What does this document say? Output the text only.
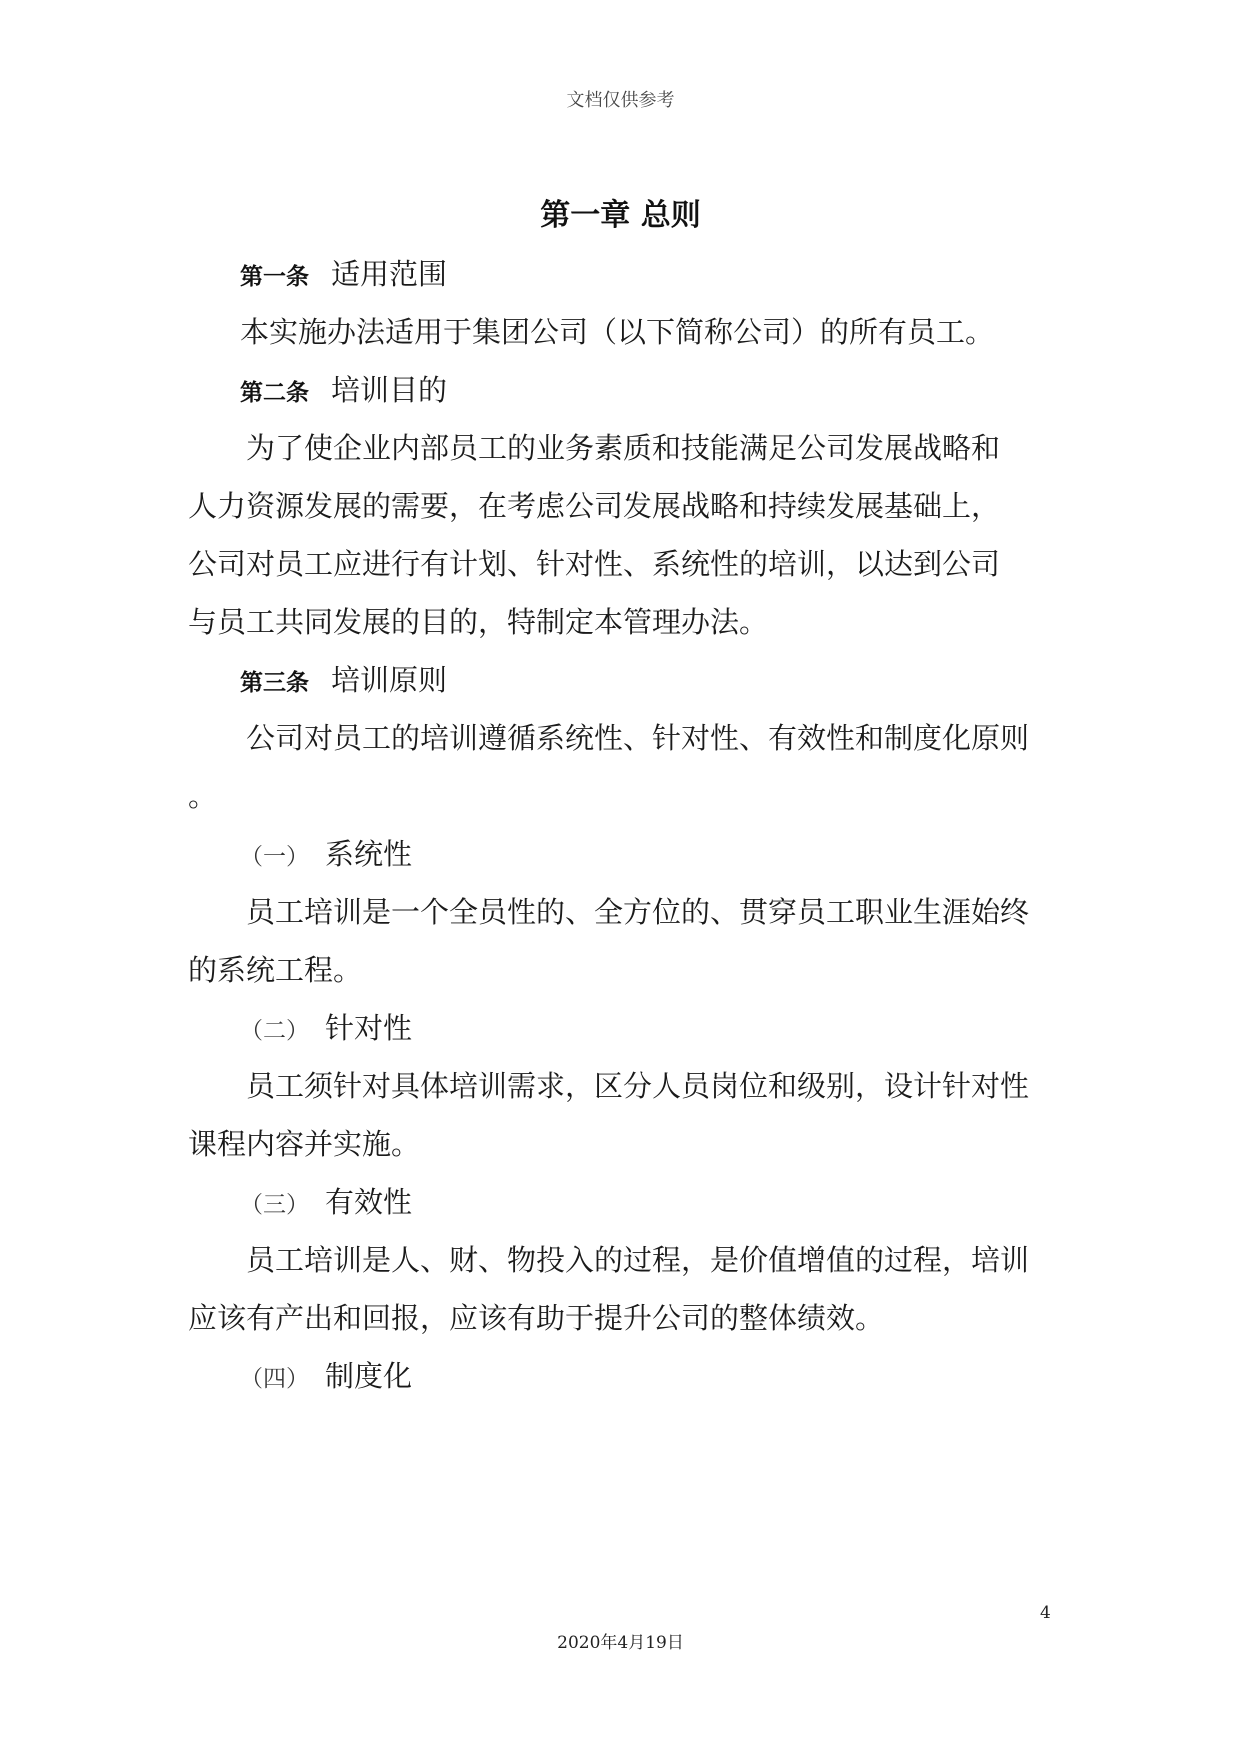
文档仅供参考
第一章 总则
第一条 适用范围
本实施办法适用于集团公司（以下简称公司）的所有员工。
第二条 培训目的
为了使企业内部员工的业务素质和技能满足公司发展战略和
人力资源发展的需要，在考虑公司发展战略和持续发展基础上，
公司对员工应进行有计划、针对性、系统性的培训，以达到公司
与员工共同发展的目的，特制定本管理办法。
第三条 培训原则
公司对员工的培训遵循系统性、针对性、有效性和制度化原则
。
（一） 系统性
员工培训是一个全员性的、全方位的、贯穿员工职业生涯始终
的系统工程。
（二） 针对性
员工须针对具体培训需求，区分人员岗位和级别，设计针对性
课程内容并实施。
（三） 有效性
员工培训是人、财、物投入的过程，是价值增值的过程，培训
应该有产出和回报，应该有助于提升公司的整体绩效。
（四） 制度化
4
2020年4月19日
